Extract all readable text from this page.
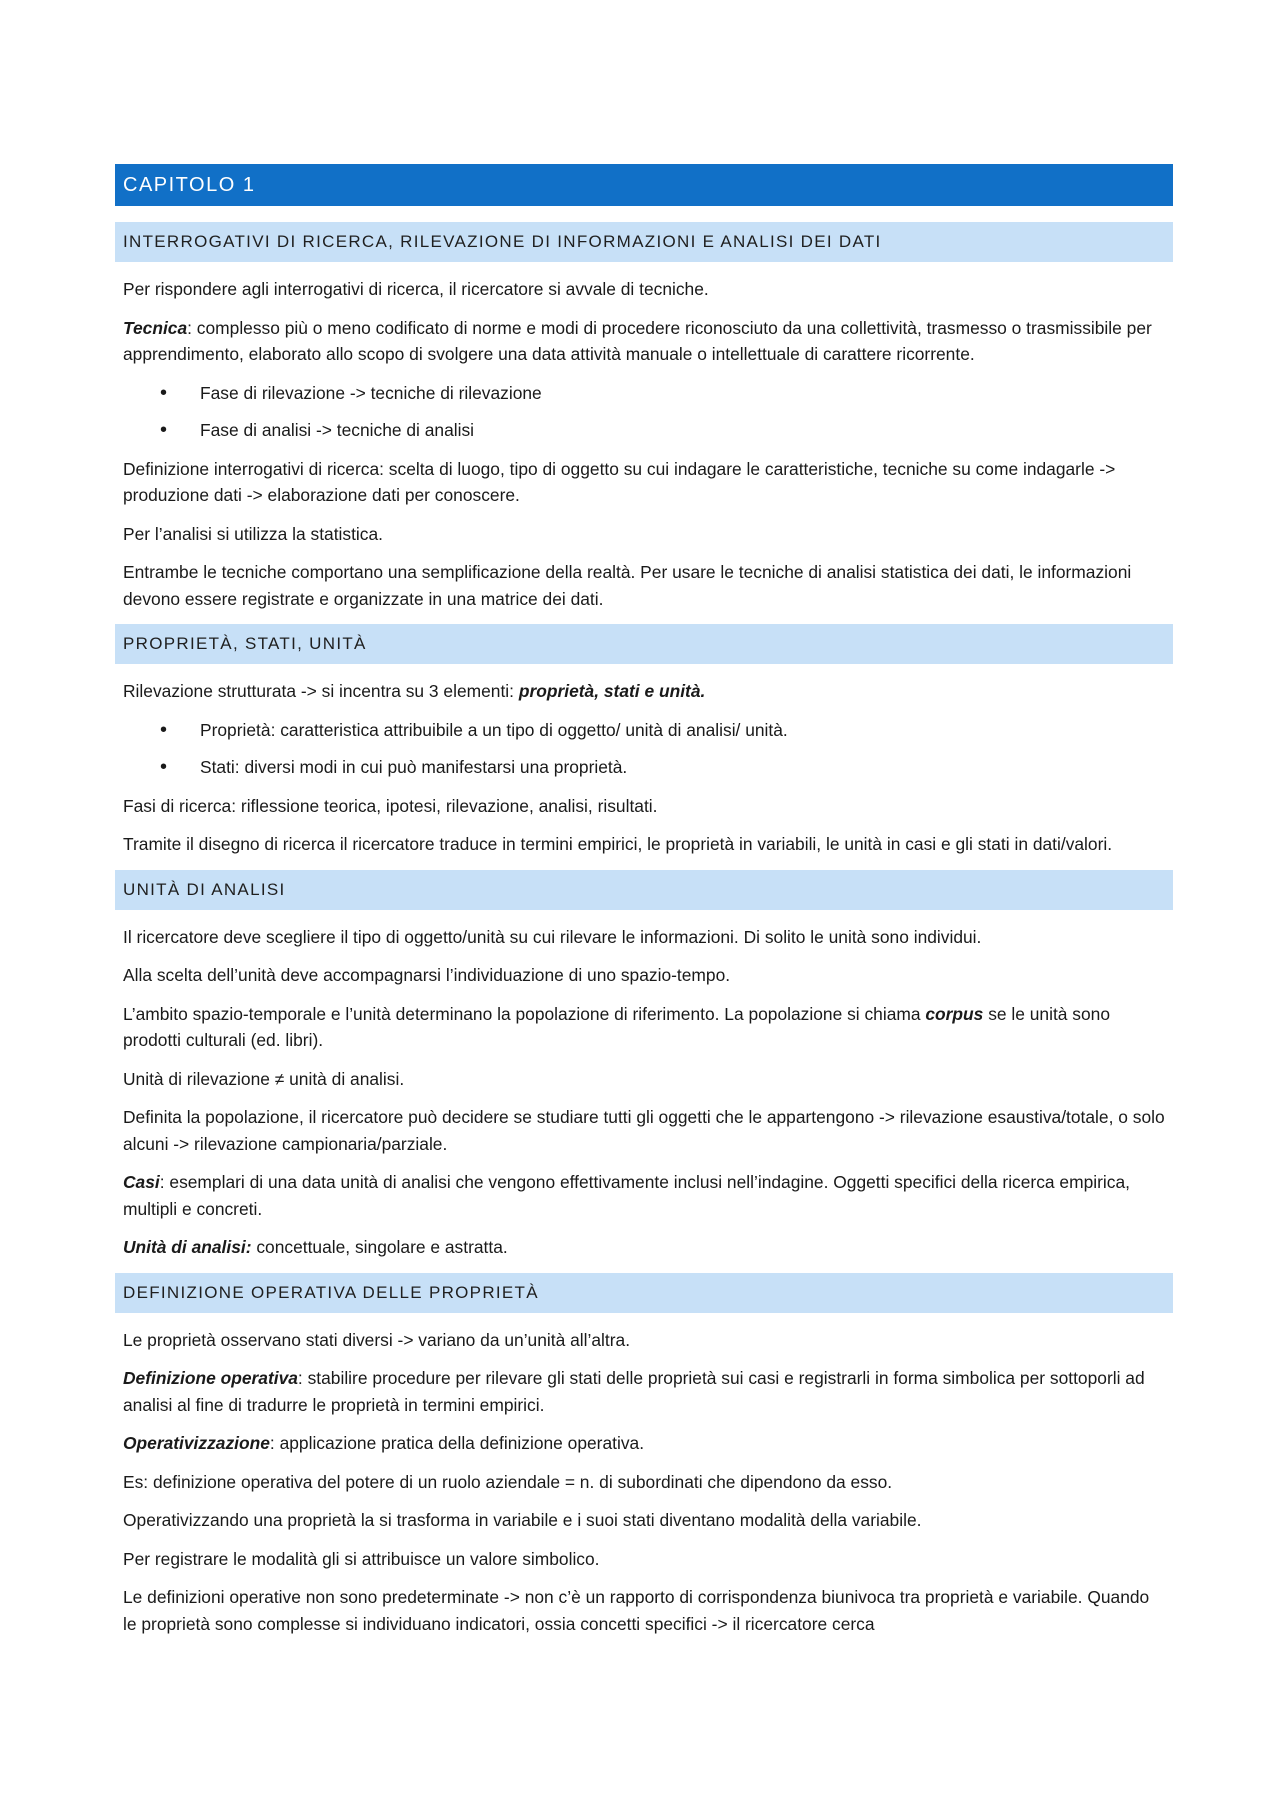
CAPITOLO 1
INTERROGATIVI DI RICERCA, RILEVAZIONE DI INFORMAZIONI E ANALISI DEI DATI

Per rispondere agli interrogativi di ricerca, il ricercatore si avvale di tecniche.

Tecnica: complesso più o meno codificato di norme e modi di procedere riconosciuto da una collettività, trasmesso o trasmissibile per apprendimento, elaborato allo scopo di svolgere una data attività manuale o intellettuale di carattere ricorrente.

• Fase di rilevazione -> tecniche di rilevazione
• Fase di analisi -> tecniche di analisi

Definizione interrogativi di ricerca: scelta di luogo, tipo di oggetto su cui indagare le caratteristiche, tecniche su come indagarle -> produzione dati -> elaborazione dati per conoscere.

Per l’analisi si utilizza la statistica.

Entrambe le tecniche comportano una semplificazione della realtà. Per usare le tecniche di analisi statistica dei dati, le informazioni devono essere registrate e organizzate in una matrice dei dati.

PROPRIETÀ, STATI, UNITÀ

Rilevazione strutturata -> si incentra su 3 elementi: proprietà, stati e unità.

• Proprietà: caratteristica attribuibile a un tipo di oggetto/ unità di analisi/ unità.
• Stati: diversi modi in cui può manifestarsi una proprietà.

Fasi di ricerca: riflessione teorica, ipotesi, rilevazione, analisi, risultati.

Tramite il disegno di ricerca il ricercatore traduce in termini empirici, le proprietà in variabili, le unità in casi e gli stati in dati/valori.

UNITÀ DI ANALISI

Il ricercatore deve scegliere il tipo di oggetto/unità su cui rilevare le informazioni. Di solito le unità sono individui.

Alla scelta dell’unità deve accompagnarsi l’individuazione di uno spazio-tempo.

L’ambito spazio-temporale e l’unità determinano la popolazione di riferimento. La popolazione si chiama corpus se le unità sono prodotti culturali (ed. libri).

Unità di rilevazione ≠ unità di analisi.

Definita la popolazione, il ricercatore può decidere se studiare tutti gli oggetti che le appartengono -> rilevazione esaustiva/totale, o solo alcuni -> rilevazione campionaria/parziale.

Casi: esemplari di una data unità di analisi che vengono effettivamente inclusi nell’indagine. Oggetti specifici della ricerca empirica, multipli e concreti.

Unità di analisi: concettuale, singolare e astratta.

DEFINIZIONE OPERATIVA DELLE PROPRIETÀ

Le proprietà osservano stati diversi -> variano da un’unità all’altra.

Definizione operativa: stabilire procedure per rilevare gli stati delle proprietà sui casi e registrarli in forma simbolica per sottoporli ad analisi al fine di tradurre le proprietà in termini empirici.

Operativizzazione: applicazione pratica della definizione operativa.

Es: definizione operativa del potere di un ruolo aziendale = n. di subordinati che dipendono da esso.

Operativizzando una proprietà la si trasforma in variabile e i suoi stati diventano modalità della variabile.

Per registrare le modalità gli si attribuisce un valore simbolico.

Le definizioni operative non sono predeterminate -> non c’è un rapporto di corrispondenza biunivoca tra proprietà e variabile. Quando le proprietà sono complesse si individuano indicatori, ossia concetti specifici -> il ricercatore cerca
